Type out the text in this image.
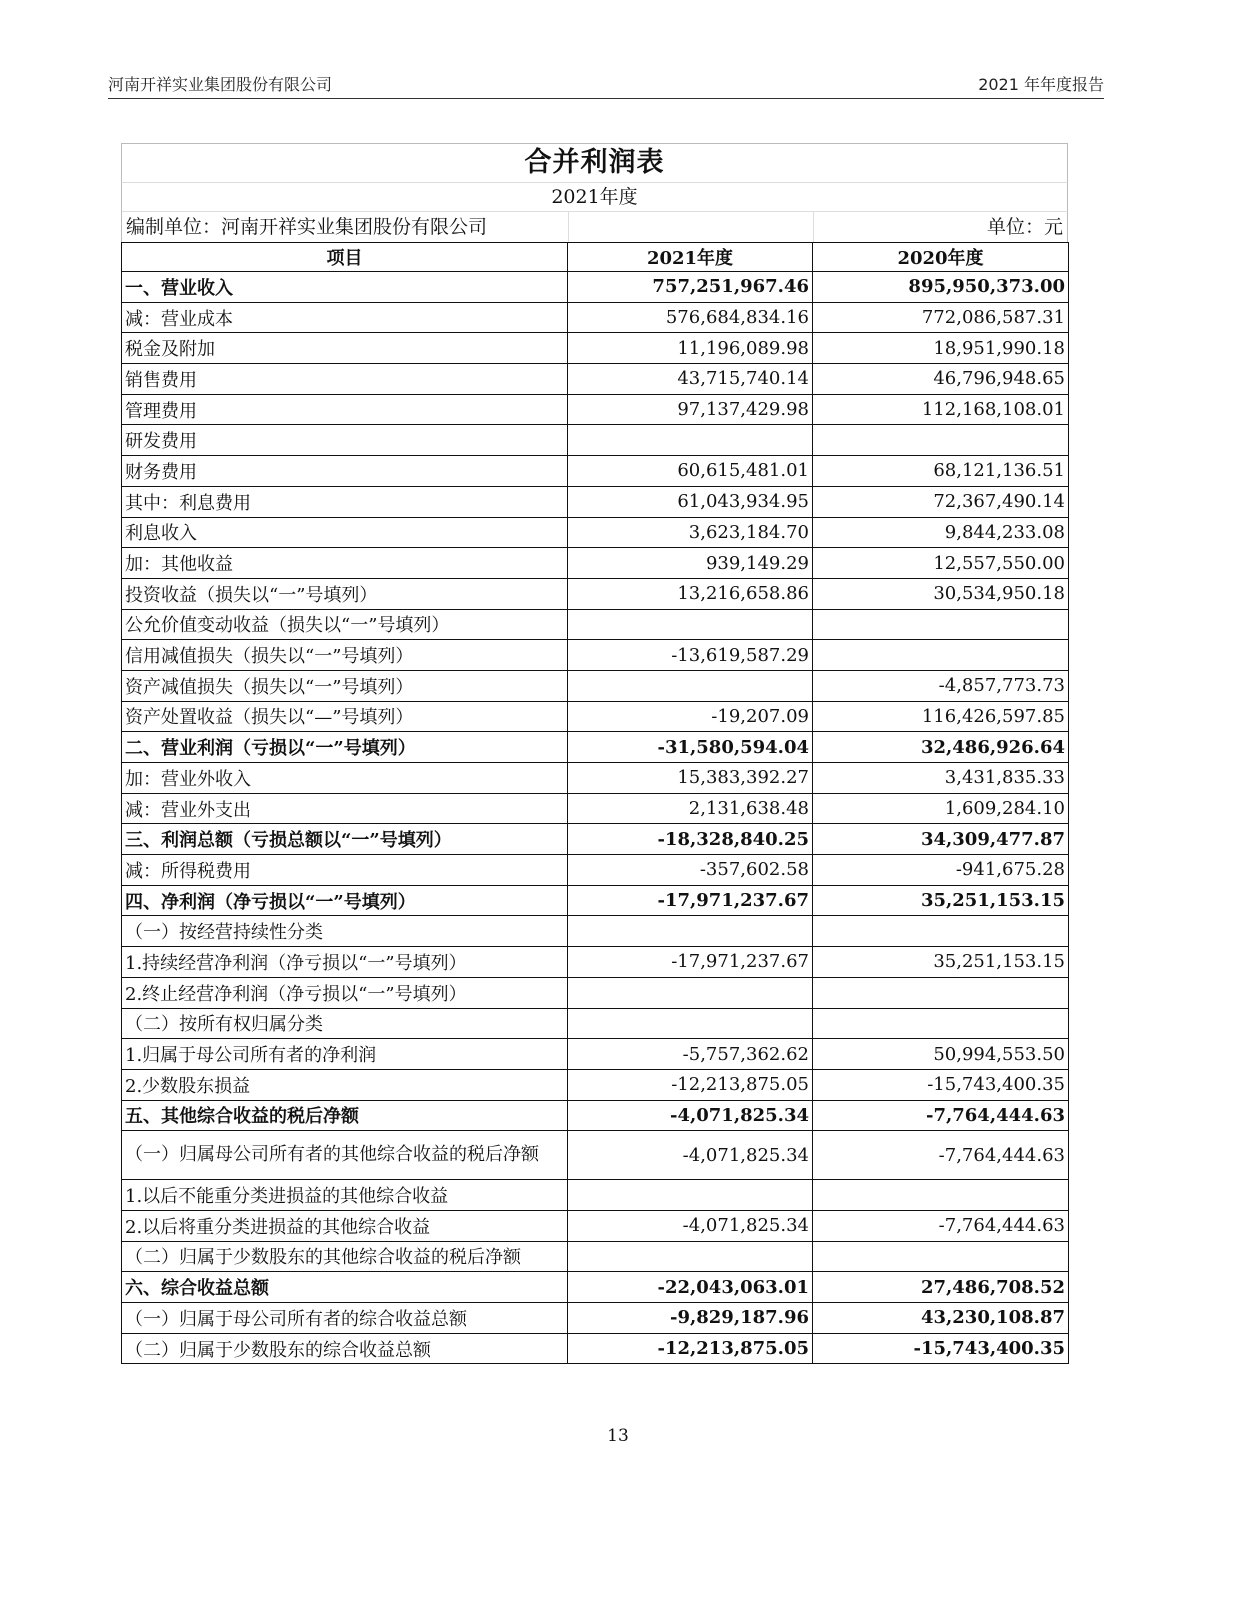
河南开祥实业集团股份有限公司	2021 年年度报告
合并利润表
2021年度
编制单位：河南开祥实业集团股份有限公司	单位：元
项目	2021年度	2020年度
一、营业收入	757,251,967.46	895,950,373.00
减：营业成本	576,684,834.16	772,086,587.31
税金及附加	11,196,089.98	18,951,990.18
销售费用	43,715,740.14	46,796,948.65
管理费用	97,137,429.98	112,168,108.01
研发费用		
财务费用	60,615,481.01	68,121,136.51
其中：利息费用	61,043,934.95	72,367,490.14
利息收入	3,623,184.70	9,844,233.08
加：其他收益	939,149.29	12,557,550.00
投资收益（损失以“一”号填列）	13,216,658.86	30,534,950.18
公允价值变动收益（损失以“一”号填列）		
信用减值损失（损失以“一”号填列）	-13,619,587.29	
资产减值损失（损失以“一”号填列）		-4,857,773.73
资产处置收益（损失以“—”号填列）	-19,207.09	116,426,597.85
二、营业利润（亏损以“一”号填列）	-31,580,594.04	32,486,926.64
加：营业外收入	15,383,392.27	3,431,835.33
减：营业外支出	2,131,638.48	1,609,284.10
三、利润总额（亏损总额以“一”号填列）	-18,328,840.25	34,309,477.87
减：所得税费用	-357,602.58	-941,675.28
四、净利润（净亏损以“一”号填列）	-17,971,237.67	35,251,153.15
（一）按经营持续性分类		
1.持续经营净利润（净亏损以“一”号填列）	-17,971,237.67	35,251,153.15
2.终止经营净利润（净亏损以“一”号填列）		
（二）按所有权归属分类		
1.归属于母公司所有者的净利润	-5,757,362.62	50,994,553.50
2.少数股东损益	-12,213,875.05	-15,743,400.35
五、其他综合收益的税后净额	-4,071,825.34	-7,764,444.63
（一）归属母公司所有者的其他综合收益的税后净额	-4,071,825.34	-7,764,444.63
1.以后不能重分类进损益的其他综合收益		
2.以后将重分类进损益的其他综合收益	-4,071,825.34	-7,764,444.63
（二）归属于少数股东的其他综合收益的税后净额		
六、综合收益总额	-22,043,063.01	27,486,708.52
（一）归属于母公司所有者的综合收益总额	-9,829,187.96	43,230,108.87
（二）归属于少数股东的综合收益总额	-12,213,875.05	-15,743,400.35
13
